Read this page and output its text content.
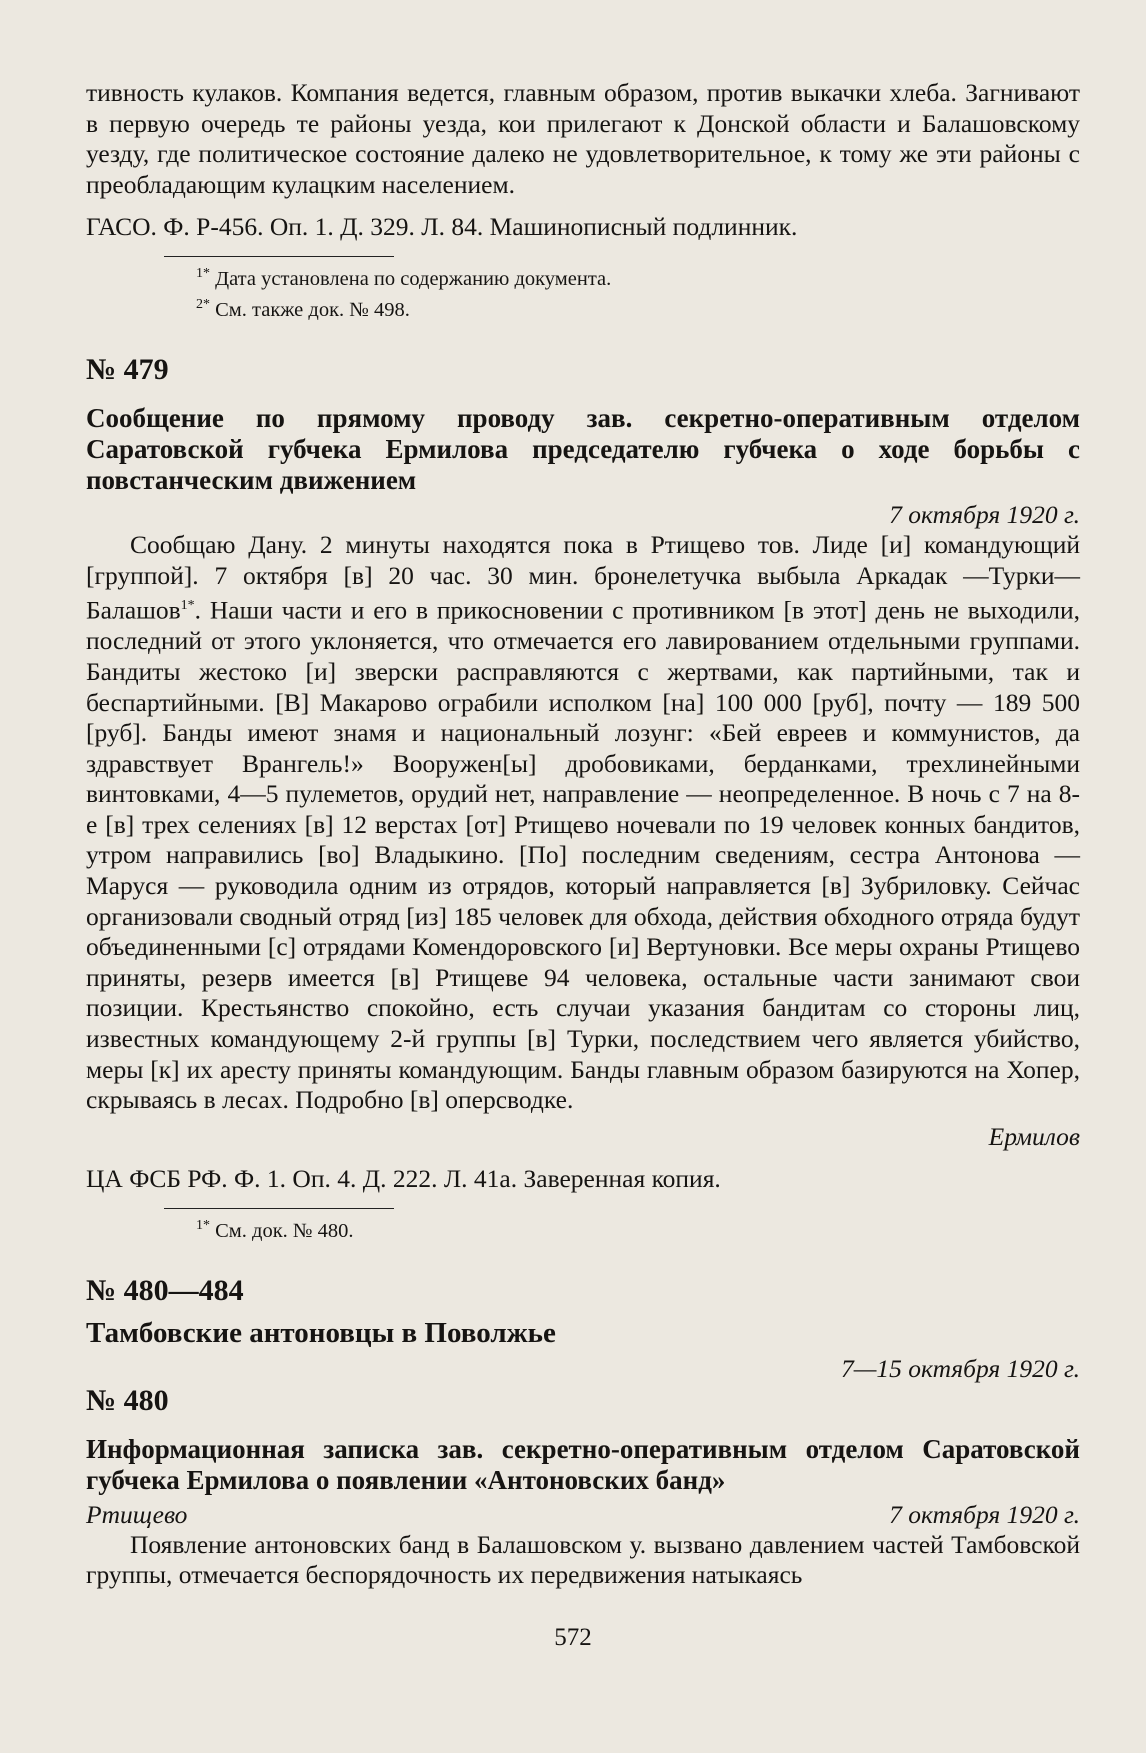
тивность кулаков. Компания ведется, главным образом, против выкачки хлеба. Загнивают в первую очередь те районы уезда, кои прилегают к Донской области и Балашовскому уезду, где политическое состояние далеко не удовлетворительное, к тому же эти районы с преобладающим кулацким населением.

ГАСО. Ф. Р-456. Оп. 1. Д. 329. Л. 84. Машинописный подлинник.

$^{1*}$ Дата установлена по содержанию документа.

$^{2*}$ См. также док. № 498.

№ 479

Сообщение по прямому проводу зав. секретно-оперативным отделом Саратовской губчека Ермилова председателю губчека о ходе борьбы с повстанческим движением

7 октября 1920 г.

Сообщаю Дану. 2 минуты находятся пока в Ртищево тов. Лиде [и] командующий [группой]. 7 октября [в] 20 час. 30 мин. бронелетучка выбыла Аркадак —Турки—Балашов$^{1*}$. Наши части и его в прикосновении с противником [в этот] день не выходили, последний от этого уклоняется, что отмечается его лавированием отдельными группами. Бандиты жестоко [и] зверски расправляются с жертвами, как партийными, так и беспартийными. [В] Макарово ограбили исполком [на] 100 000 [руб], почту — 189 500 [руб]. Банды имеют знамя и национальный лозунг: «Бей евреев и коммунистов, да здравствует Врангель!» Вооружен[ы] дробовиками, берданками, трехлинейными винтовками, 4—5 пулеметов, орудий нет, направление — неопределенное. В ночь с 7 на 8-е [в] трех селениях [в] 12 верстах [от] Ртищево ночевали по 19 человек конных бандитов, утром направились [во] Владыкино. [По] последним сведениям, сестра Антонова — Маруся — руководила одним из отрядов, который направляется [в] Зубриловку. Сейчас организовали сводный отряд [из] 185 человек для обхода, действия обходного отряда будут объединенными [с] отрядами Комендоровского [и] Вертуновки. Все меры охраны Ртищево приняты, резерв имеется [в] Ртищеве 94 человека, остальные части занимают свои позиции. Крестьянство спокойно, есть случаи указания бандитам со стороны лиц, известных командующему 2-й группы [в] Турки, последствием чего является убийство, меры [к] их аресту приняты командующим. Банды главным образом базируются на Хопер, скрываясь в лесах. Подробно [в] оперсводке.

Ермилов

ЦА ФСБ РФ. Ф. 1. Оп. 4. Д. 222. Л. 41а. Заверенная копия.

$^{1*}$ См. док. № 480.

№ 480—484

Тамбовские антоновцы в Поволжье

7—15 октября 1920 г.

№ 480

Информационная записка зав. секретно-оперативным отделом Саратовской губчека Ермилова о появлении «Антоновских банд»

Ртищево	7 октября 1920 г.

Появление антоновских банд в Балашовском у. вызвано давлением частей Тамбовской группы, отмечается беспорядочность их передвижения натыкаясь

572
